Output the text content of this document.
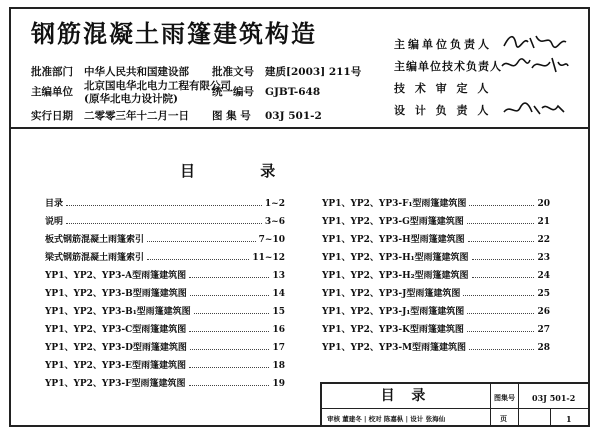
钢筋混凝土雨篷建筑构造
批准部门 中华人民共和国建设部 批准文号 建质[2003] 211号
主编单位 北京国电华北电力工程有限公司
(原华北电力设计院)
统一编号 GJBT-648
实行日期 二零零三年十二月一日 图 集 号 03J 501-2
主编单位负责人
主编单位技术负责人
技 术 审 定 人
设 计 负 责 人
目 录
目录	1~2
说明	3~6
板式钢筋混凝土雨篷索引	7~10
梁式钢筋混凝土雨篷索引	11~12
YP1、YP2、YP3-A型雨篷建筑图	13
YP1、YP2、YP3-B型雨篷建筑图	14
YP1、YP2、YP3-B₁型雨篷建筑图	15
YP1、YP2、YP3-C型雨篷建筑图	16
YP1、YP2、YP3-D型雨篷建筑图	17
YP1、YP2、YP3-E型雨篷建筑图	18
YP1、YP2、YP3-F型雨篷建筑图	19
YP1、YP2、YP3-F₁型雨篷建筑图	20
YP1、YP2、YP3-G型雨篷建筑图	21
YP1、YP2、YP3-H型雨篷建筑图	22
YP1、YP2、YP3-H₁型雨篷建筑图	23
YP1、YP2、YP3-H₂型雨篷建筑图	24
YP1、YP2、YP3-J型雨篷建筑图	25
YP1、YP2、YP3-J₁型雨篷建筑图	26
YP1、YP2、YP3-K型雨篷建筑图	27
YP1、YP2、YP3-M型雨篷建筑图	28
目 录	图集号 03J 501-2
审核 董建冬 | 校对 陈嘉枞 | 设计 张海仙	页	1
